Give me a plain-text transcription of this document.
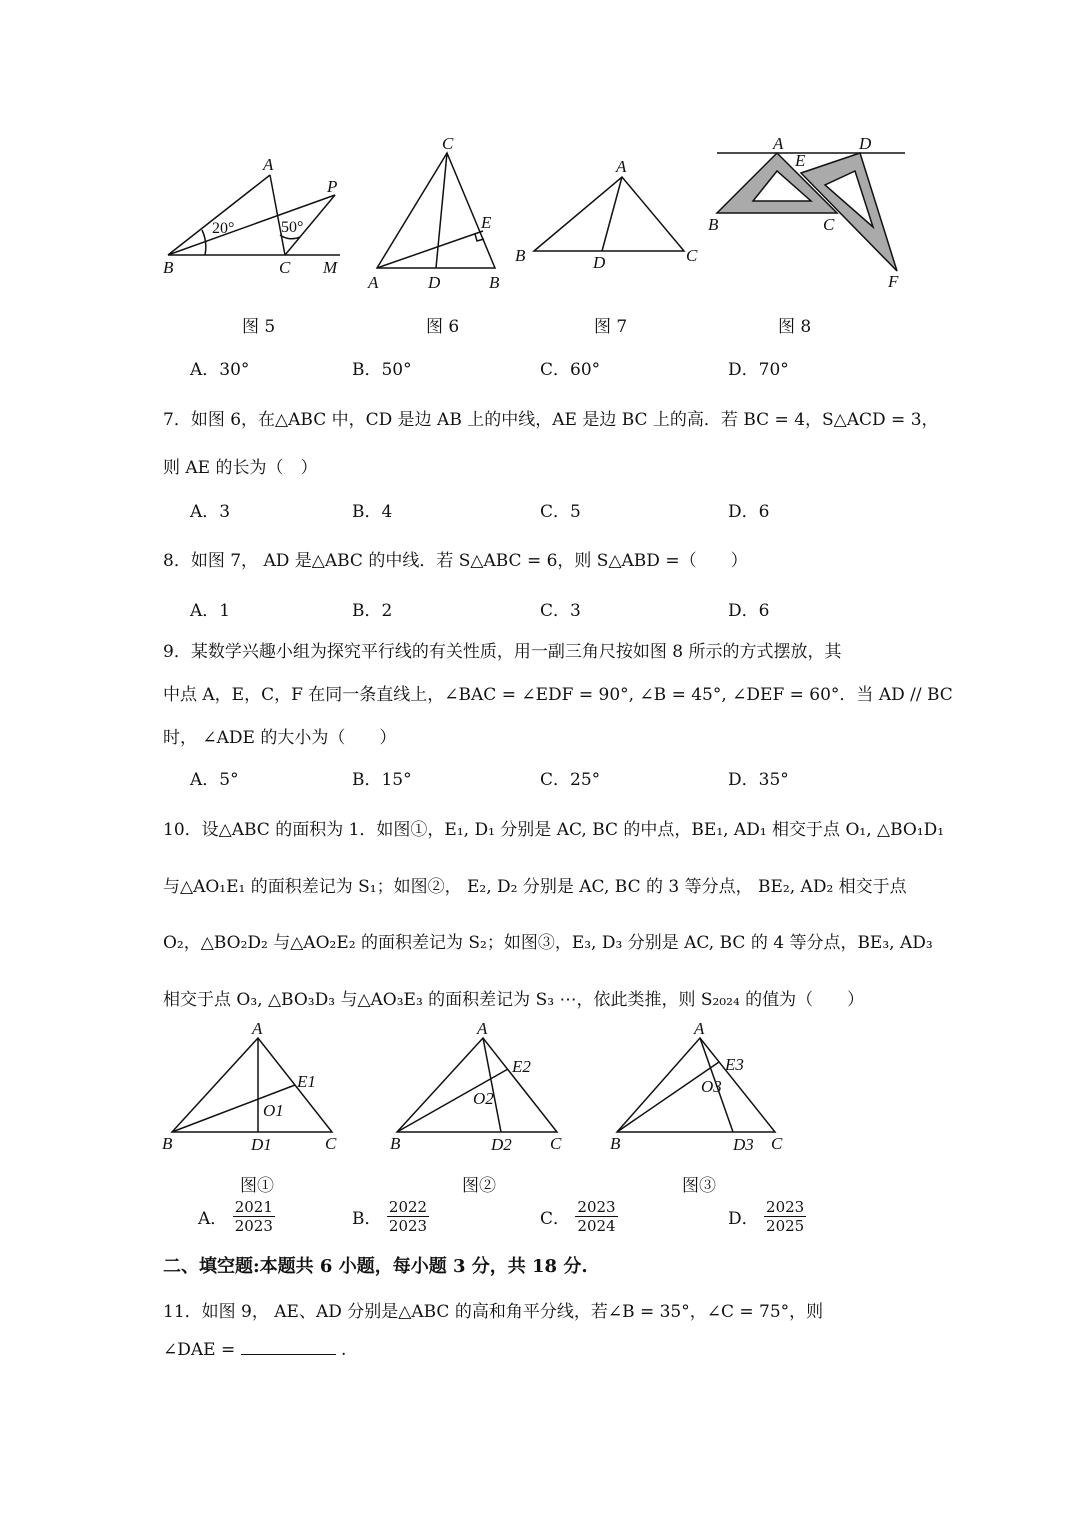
A
P
B	C M
20°	50°
图 5
C
E
A	D	B
图 6
A
B	D	C
图 7
A	D
E
B	C
F
图 8
A．30°	B．50°	C．60°	D．70°
7．如图 6，在△ABC 中，CD 是边 AB 上的中线，AE 是边 BC 上的高．若 BC = 4，S△ACD = 3，
则 AE 的长为（　）
A．3	B．4	C．5	D．6
8．如图 7， AD 是△ABC 的中线．若 S△ABC = 6，则 S△ABD =（　　）
A．1	B．2	C．3	D．6
9．某数学兴趣小组为探究平行线的有关性质，用一副三角尺按如图 8 所示的方式摆放，其
中点 A，E，C，F 在同一条直线上，∠BAC = ∠EDF = 90°, ∠B = 45°, ∠DEF = 60°．当 AD // BC
时， ∠ADE 的大小为（　　）
A．5°	B．15°	C．25°	D．35°
10．设△ABC 的面积为 1．如图①，E₁, D₁ 分别是 AC, BC 的中点，BE₁, AD₁ 相交于点 O₁, △BO₁D₁
与△AO₁E₁ 的面积差记为 S₁；如图②， E₂, D₂ 分别是 AC, BC 的 3 等分点， BE₂, AD₂ 相交于点
O₂，△BO₂D₂ 与△AO₂E₂ 的面积差记为 S₂；如图③，E₃, D₃ 分别是 AC, BC 的 4 等分点，BE₃, AD₃
相交于点 O₃, △BO₃D₃ 与△AO₃E₃ 的面积差记为 S₃ ⋯，依此类推，则 S₂₀₂₄ 的值为（　　）
A
E1
O1
B	D1	C
图①
A
E2
O2
B	D2 C
图②
A
E3
O3
B	D3 C
图③
A． $\frac{2021}{2023}$	B． $\frac{2022}{2023}$	C． $\frac{2023}{2024}$	D． $\frac{2023}{2025}$
二、填空题:本题共 6 小题，每小题 3 分，共 18 分.
11．如图 9， AE、AD 分别是△ABC 的高和角平分线，若∠B = 35°，∠C = 75°，则
∠DAE =	.
